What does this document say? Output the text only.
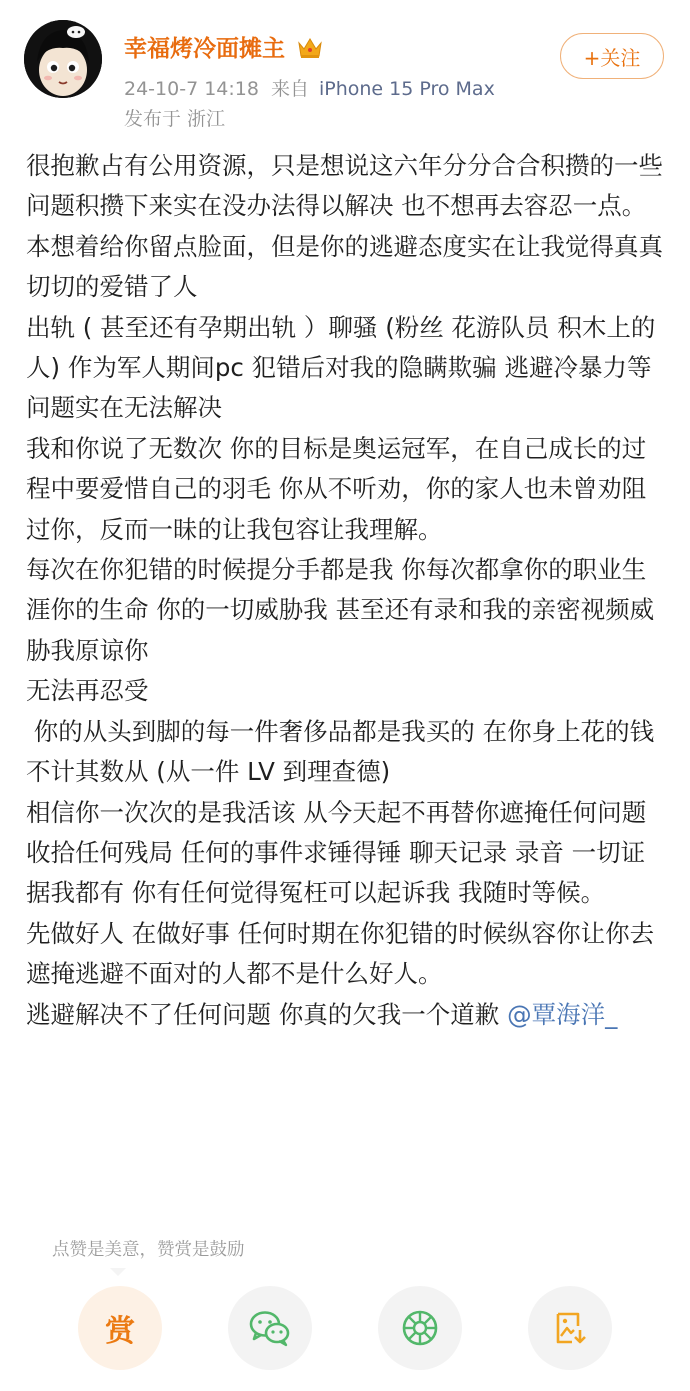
幸福烤冷面摊主
24-10-7 14:18 来自 iPhone 15 Pro Max
发布于 浙江
+关注

很抱歉占有公用资源，只是想说这六年分分合合积攒的一些问题积攒下来实在没办法得以解决 也不想再去容忍一点。

本想着给你留点脸面，但是你的逃避态度实在让我觉得真真切切的爱错了人

出轨 ( 甚至还有孕期出轨 ）聊骚 (粉丝 花游队员 积木上的人) 作为军人期间pc 犯错后对我的隐瞒欺骗 逃避冷暴力等问题实在无法解决

我和你说了无数次 你的目标是奥运冠军，在自己成长的过程中要爱惜自己的羽毛 你从不听劝，你的家人也未曾劝阻过你，反而一昧的让我包容让我理解。

每次在你犯错的时候提分手都是我 你每次都拿你的职业生涯你的生命 你的一切威胁我 甚至还有录和我的亲密视频威胁我原谅你

无法再忍受

你的从头到脚的每一件奢侈品都是我买的 在你身上花的钱不计其数从 (从一件 LV 到理查德)

相信你一次次的是我活该 从今天起不再替你遮掩任何问题 收拾任何残局 任何的事件求锤得锤 聊天记录 录音 一切证据我都有 你有任何觉得冤枉可以起诉我 我随时等候。

先做好人 在做好事 任何时期在你犯错的时候纵容你让你去遮掩逃避不面对的人都不是什么好人。

逃避解决不了任何问题 你真的欠我一个道歉 @覃海洋_

点赞是美意，赞赏是鼓励
赏
